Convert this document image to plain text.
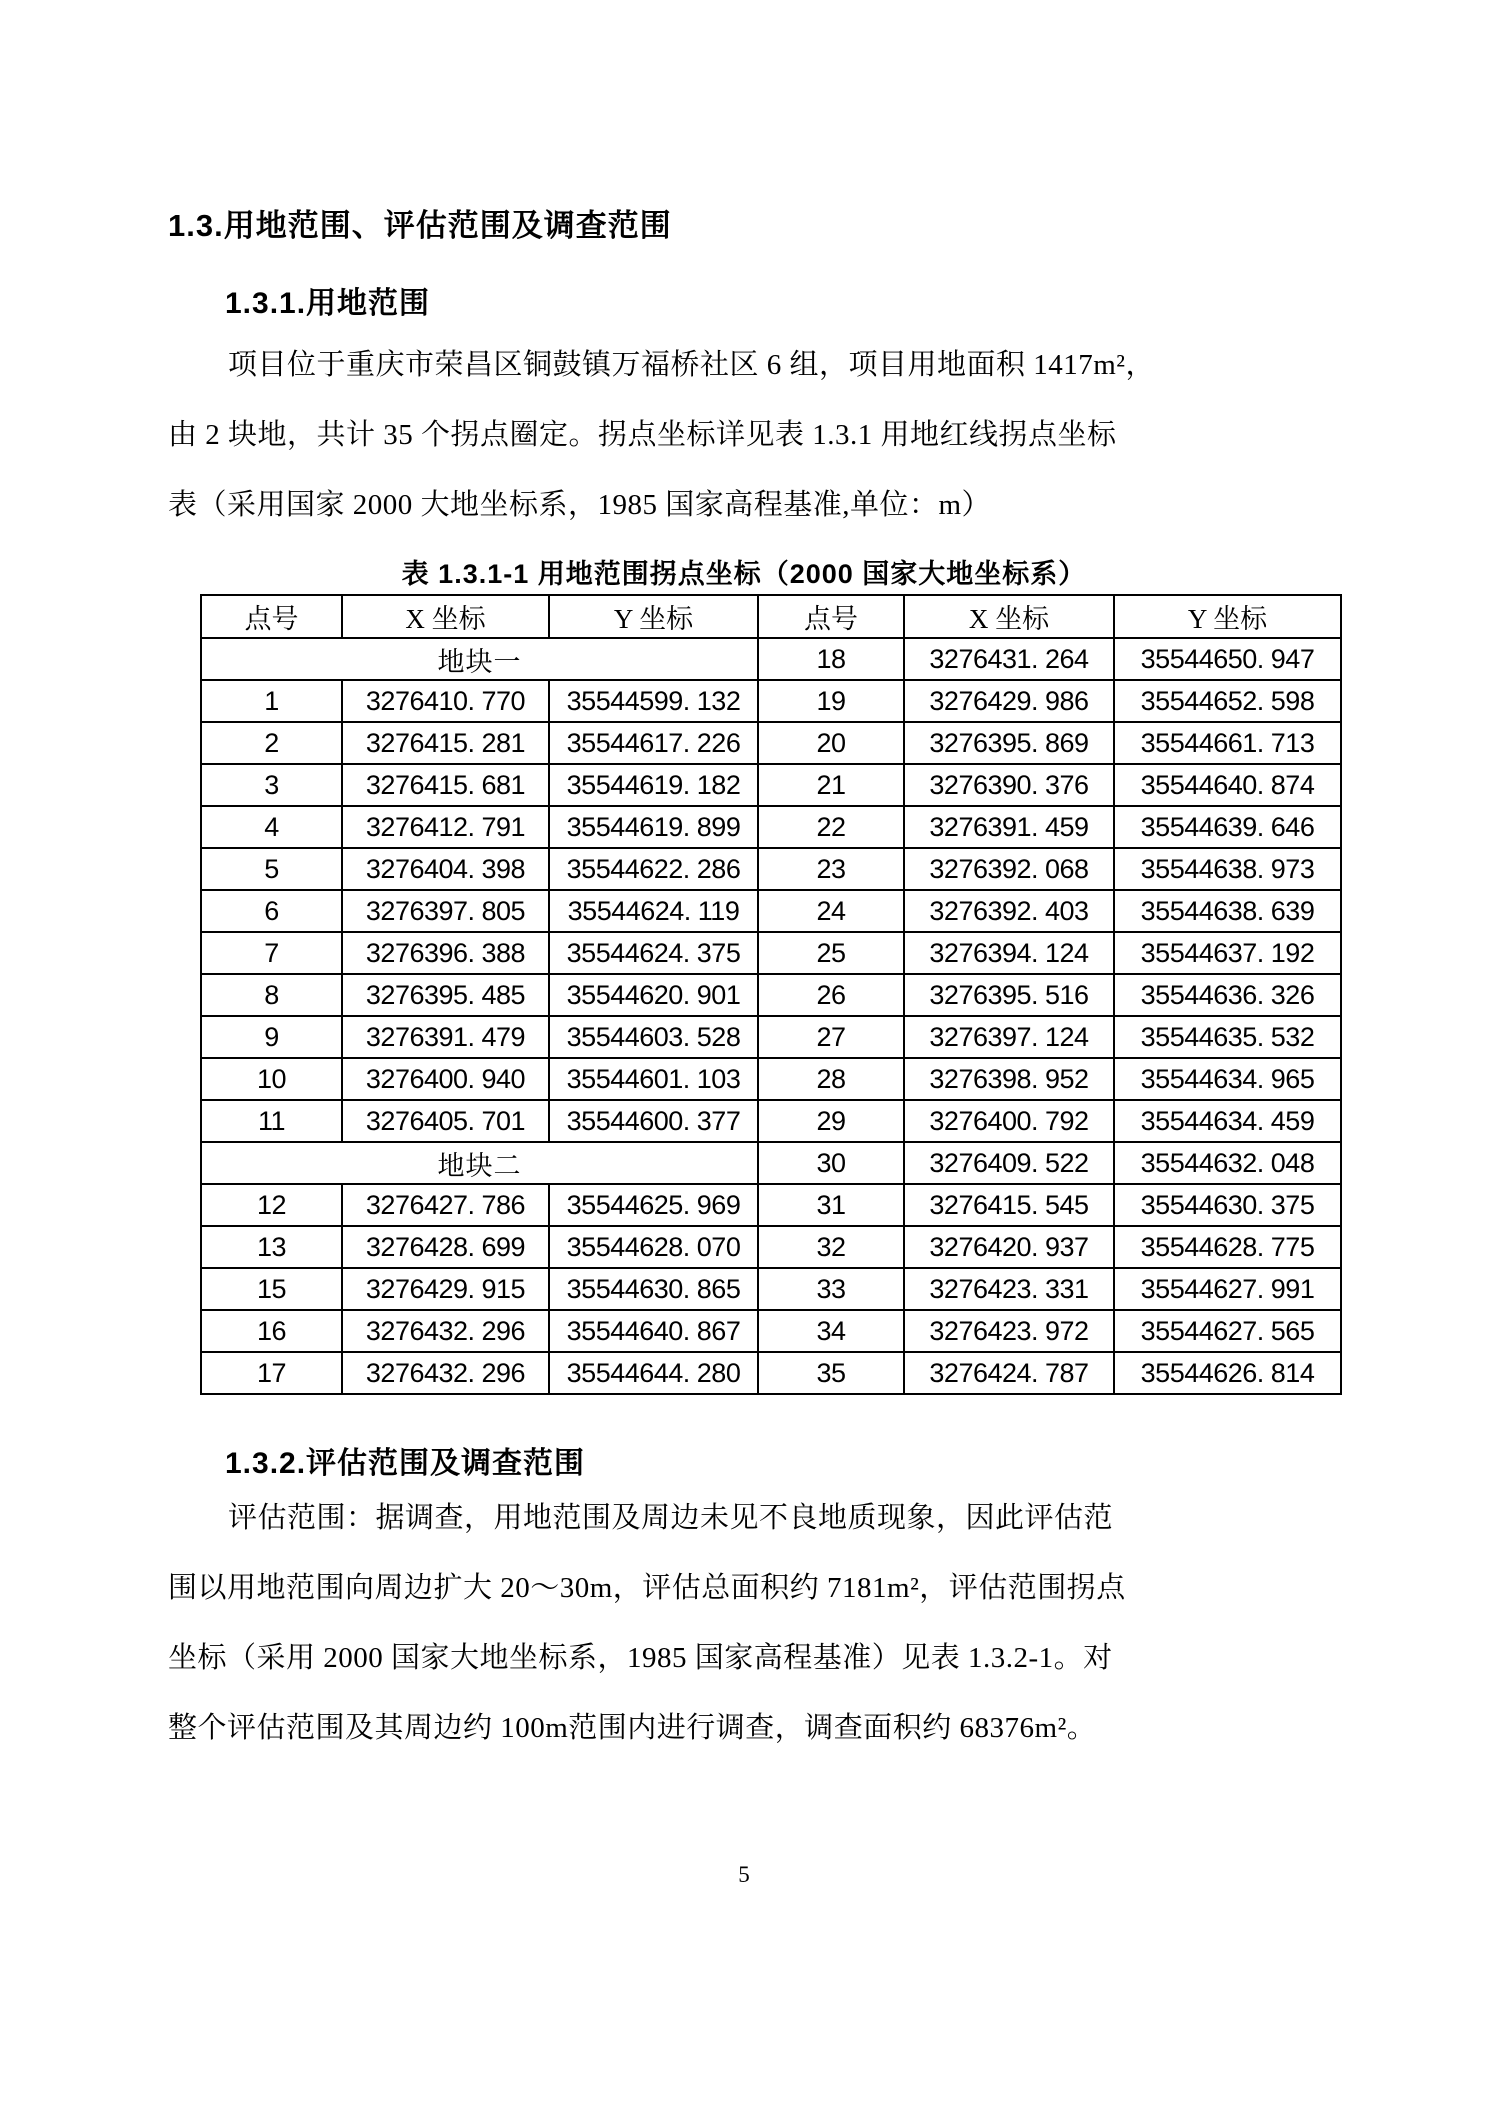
1.3.用地范围、评估范围及调查范围
1.3.1.用地范围
项目位于重庆市荣昌区铜鼓镇万福桥社区 6 组，项目用地面积 1417m²，
由 2 块地，共计 35 个拐点圈定。拐点坐标详见表 1.3.1 用地红线拐点坐标
表（采用国家 2000 大地坐标系，1985 国家高程基准,单位：m）
表 1.3.1-1 用地范围拐点坐标（2000 国家大地坐标系）
点号	X 坐标	Y 坐标	点号	X 坐标	Y 坐标
地块一			18	3276431. 264	35544650. 947
1	3276410. 770	35544599. 132	19	3276429. 986	35544652. 598
2	3276415. 281	35544617. 226	20	3276395. 869	35544661. 713
3	3276415. 681	35544619. 182	21	3276390. 376	35544640. 874
4	3276412. 791	35544619. 899	22	3276391. 459	35544639. 646
5	3276404. 398	35544622. 286	23	3276392. 068	35544638. 973
6	3276397. 805	35544624. 119	24	3276392. 403	35544638. 639
7	3276396. 388	35544624. 375	25	3276394. 124	35544637. 192
8	3276395. 485	35544620. 901	26	3276395. 516	35544636. 326
9	3276391. 479	35544603. 528	27	3276397. 124	35544635. 532
10	3276400. 940	35544601. 103	28	3276398. 952	35544634. 965
11	3276405. 701	35544600. 377	29	3276400. 792	35544634. 459
地块二			30	3276409. 522	35544632. 048
12	3276427. 786	35544625. 969	31	3276415. 545	35544630. 375
13	3276428. 699	35544628. 070	32	3276420. 937	35544628. 775
15	3276429. 915	35544630. 865	33	3276423. 331	35544627. 991
16	3276432. 296	35544640. 867	34	3276423. 972	35544627. 565
17	3276432. 296	35544644. 280	35	3276424. 787	35544626. 814
1.3.2.评估范围及调查范围
评估范围：据调查，用地范围及周边未见不良地质现象，因此评估范
围以用地范围向周边扩大 20～30m，评估总面积约 7181m²，评估范围拐点
坐标（采用 2000 国家大地坐标系，1985 国家高程基准）见表 1.3.2-1。对
整个评估范围及其周边约 100m范围内进行调查，调查面积约 68376m²。
5
